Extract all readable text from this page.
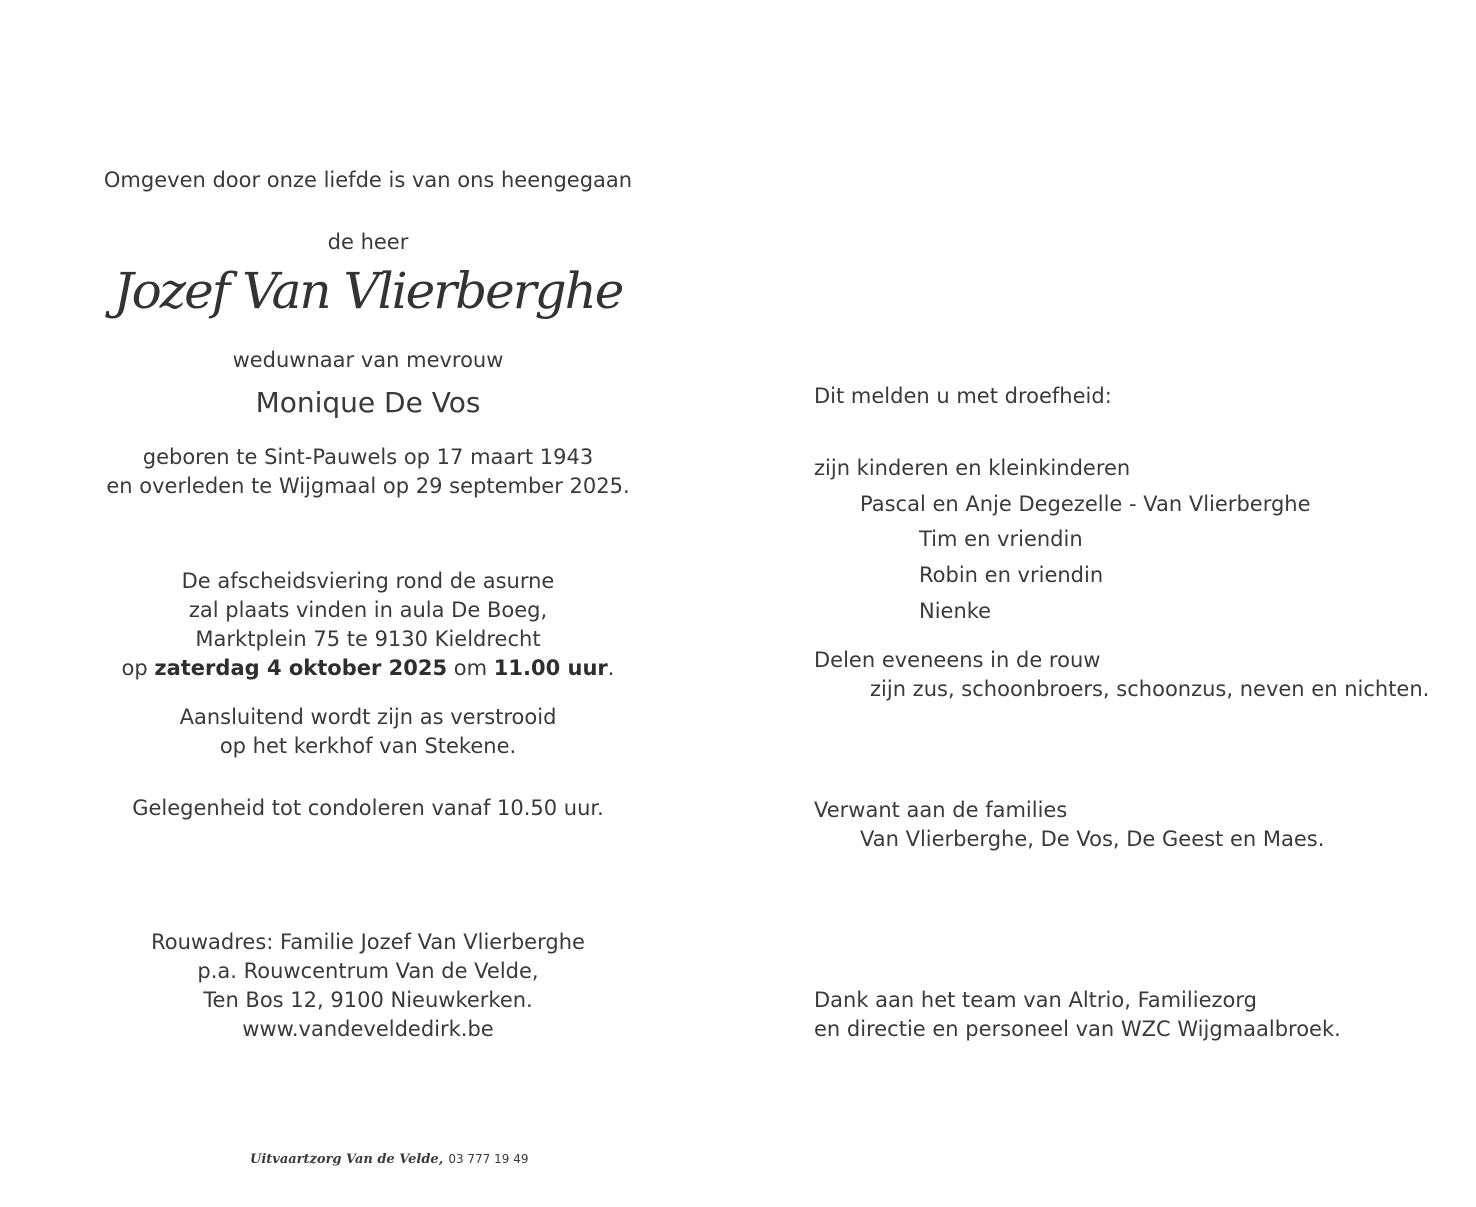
Omgeven door onze liefde is van ons heengegaan
de heer
Jozef Van Vlierberghe
weduwnaar van mevrouw
Monique De Vos
geboren te Sint-Pauwels op 17 maart 1943
en overleden te Wijgmaal op 29 september 2025.
De afscheidsviering rond de asurne
zal plaats vinden in aula De Boeg,
Marktplein 75 te 9130 Kieldrecht
op zaterdag 4 oktober 2025 om 11.00 uur.
Aansluitend wordt zijn as verstrooid
op het kerkhof van Stekene.
Gelegenheid tot condoleren vanaf 10.50 uur.
Rouwadres: Familie Jozef Van Vlierberghe
p.a. Rouwcentrum Van de Velde,
Ten Bos 12, 9100 Nieuwkerken.
www.vandeveldedirk.be
Uitvaartzorg Van de Velde, 03 777 19 49
Dit melden u met droefheid:
zijn kinderen en kleinkinderen
Pascal en Anje Degezelle - Van Vlierberghe
Tim en vriendin
Robin en vriendin
Nienke
Delen eveneens in de rouw
zijn zus, schoonbroers, schoonzus, neven en nichten.
Verwant aan de families
Van Vlierberghe, De Vos, De Geest en Maes.
Dank aan het team van Altrio, Familiezorg
en directie en personeel van WZC Wijgmaalbroek.
